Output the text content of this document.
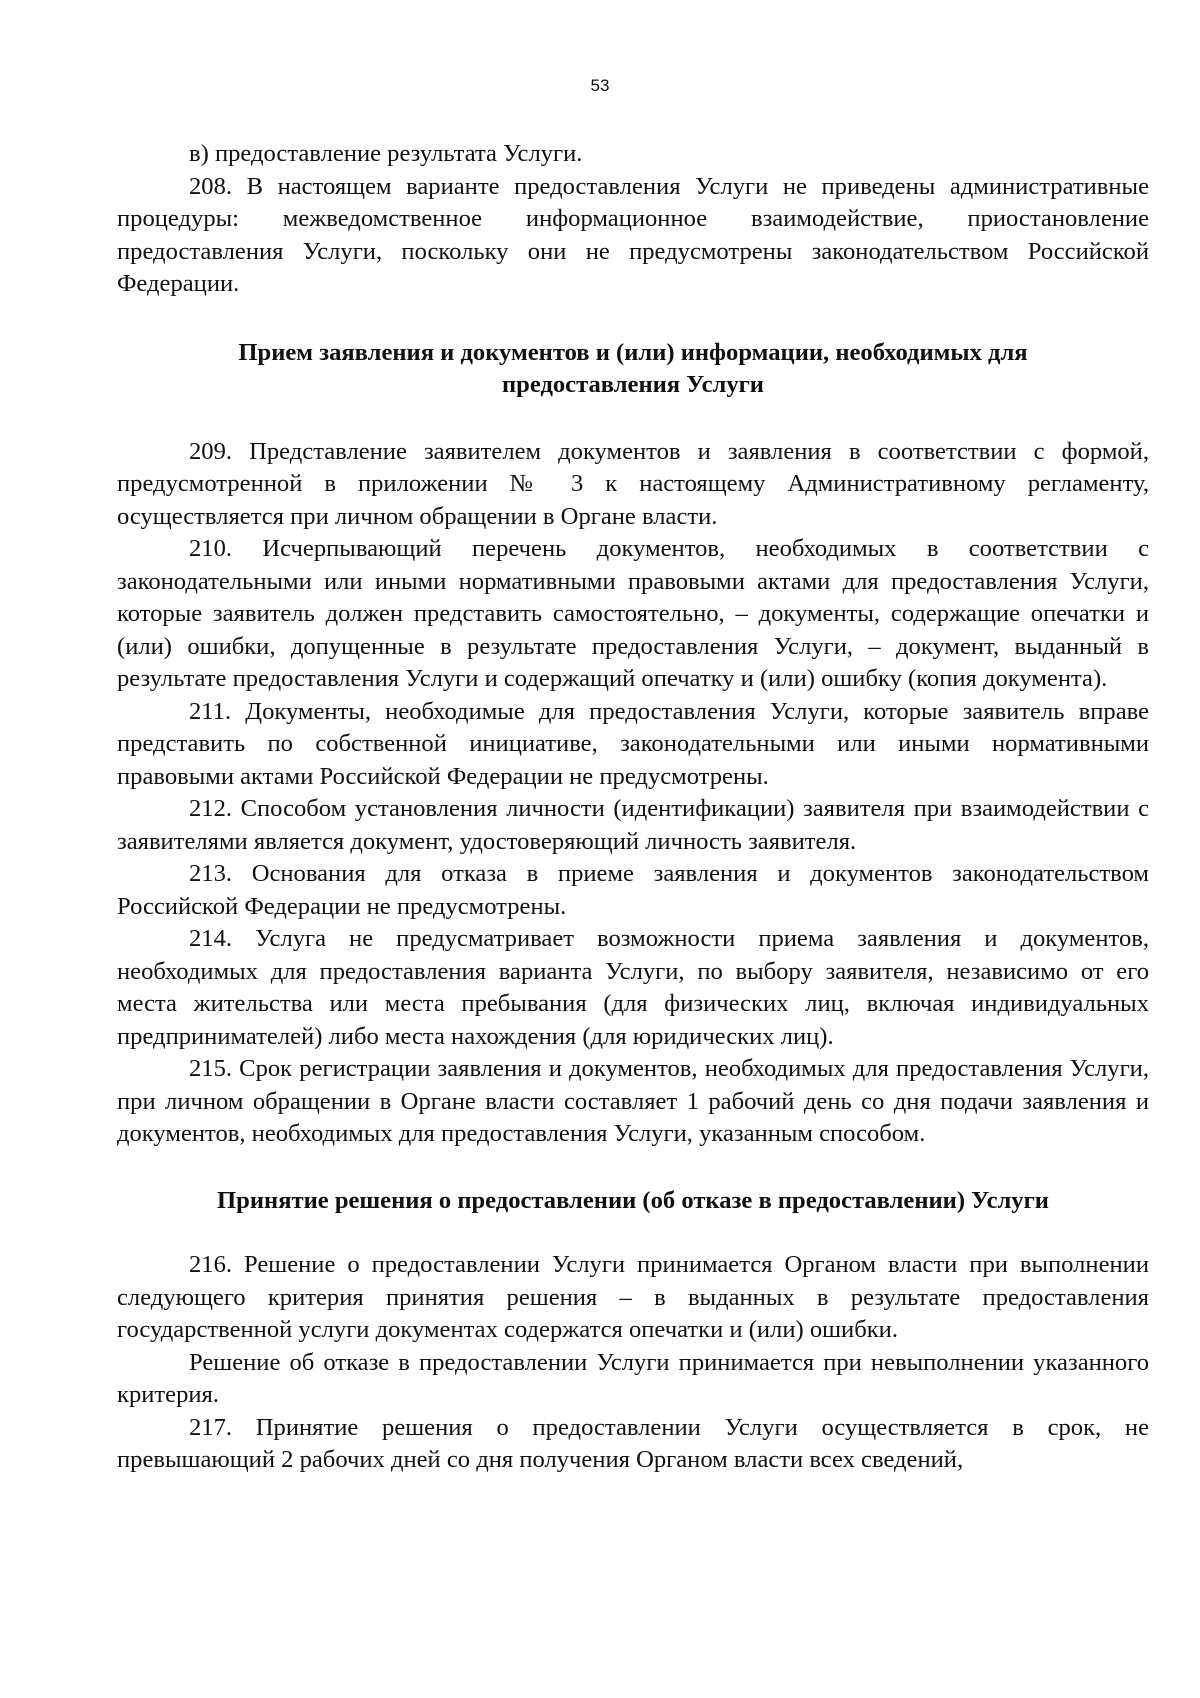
53

в) предоставление результата Услуги.

208. В настоящем варианте предоставления Услуги не приведены административные процедуры: межведомственное информационное взаимодействие, приостановление предоставления Услуги, поскольку они не предусмотрены законодательством Российской Федерации.

Прием заявления и документов и (или) информации, необходимых для предоставления Услуги

209. Представление заявителем документов и заявления в соответствии с формой, предусмотренной в приложении № 3 к настоящему Административному регламенту, осуществляется при личном обращении в Органе власти.

210. Исчерпывающий перечень документов, необходимых в соответствии с законодательными или иными нормативными правовыми актами для предоставления Услуги, которые заявитель должен представить самостоятельно, – документы, содержащие опечатки и (или) ошибки, допущенные в результате предоставления Услуги, – документ, выданный в результате предоставления Услуги и содержащий опечатку и (или) ошибку (копия документа).

211. Документы, необходимые для предоставления Услуги, которые заявитель вправе представить по собственной инициативе, законодательными или иными нормативными правовыми актами Российской Федерации не предусмотрены.

212. Способом установления личности (идентификации) заявителя при взаимодействии с заявителями является документ, удостоверяющий личность заявителя.

213. Основания для отказа в приеме заявления и документов законодательством Российской Федерации не предусмотрены.

214. Услуга не предусматривает возможности приема заявления и документов, необходимых для предоставления варианта Услуги, по выбору заявителя, независимо от его места жительства или места пребывания (для физических лиц, включая индивидуальных предпринимателей) либо места нахождения (для юридических лиц).

215. Срок регистрации заявления и документов, необходимых для предоставления Услуги, при личном обращении в Органе власти составляет 1 рабочий день со дня подачи заявления и документов, необходимых для предоставления Услуги, указанным способом.

Принятие решения о предоставлении (об отказе в предоставлении) Услуги

216. Решение о предоставлении Услуги принимается Органом власти при выполнении следующего критерия принятия решения – в выданных в результате предоставления государственной услуги документах содержатся опечатки и (или) ошибки.

Решение об отказе в предоставлении Услуги принимается при невыполнении указанного критерия.

217. Принятие решения о предоставлении Услуги осуществляется в срок, не превышающий 2 рабочих дней со дня получения Органом власти всех сведений,
